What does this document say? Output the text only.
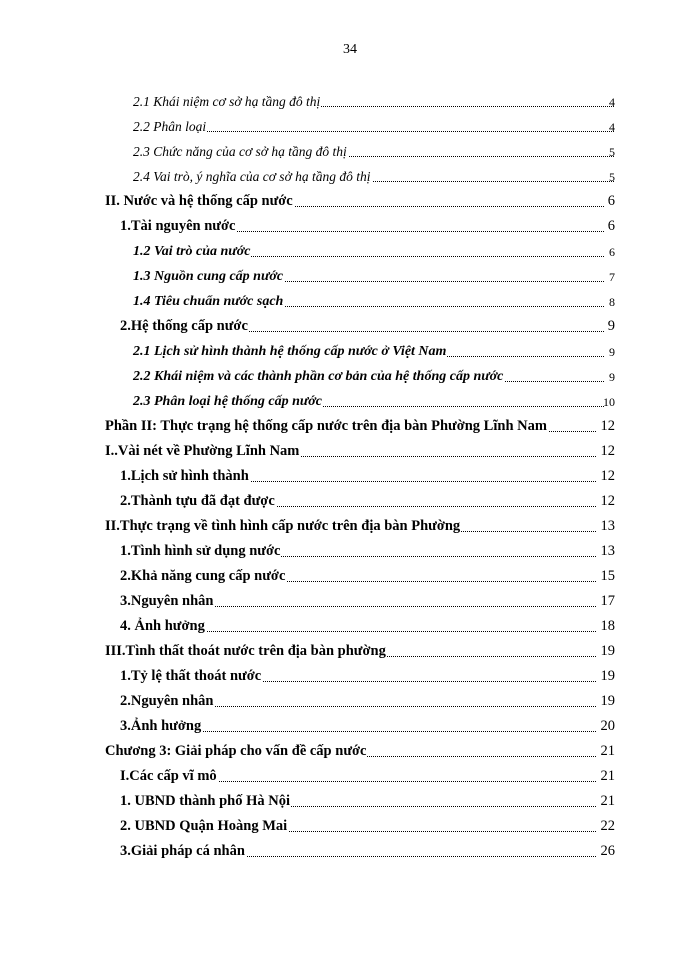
34
2.1 Khái niệm cơ sở hạ tầng đô thị	4
2.2 Phân loại	4
2.3 Chức năng của cơ sở hạ tầng đô thị	5
2.4 Vai trò, ý nghĩa của cơ sở hạ tầng đô thị	5
II. Nước và hệ thống cấp nước	6
1.Tài nguyên nước	6
1.2 Vai trò của nước	6
1.3 Nguồn cung cấp nước	7
1.4 Tiêu chuẩn nước sạch	8
2.Hệ thống cấp nước	9
2.1 Lịch sử hình thành hệ thống cấp nước ở Việt Nam	9
2.2 Khái niệm và các thành phần cơ bản của hệ thống cấp nước	9
2.3 Phân loại hệ thống cấp nước	10
Phần II: Thực trạng hệ thống cấp nước trên địa bàn Phường Lĩnh Nam	12
I..Vài nét về Phường Lĩnh Nam	12
1.Lịch sử hình thành	12
2.Thành tựu đã đạt được	12
II.Thực trạng về tình hình cấp nước trên địa bàn Phường	13
1.Tình hình sử dụng nước	13
2.Khả năng cung cấp nước	15
3.Nguyên nhân	17
4. Ảnh hưởng	18
III.Tình thất thoát nước trên địa bàn phường	19
1.Tỷ lệ thất thoát nước	19
2.Nguyên nhân	19
3.Ảnh hưởng	20
Chương 3: Giải pháp cho vấn đề cấp nước	21
I.Các cấp vĩ mô	21
1. UBND thành phố Hà Nội	21
2. UBND Quận Hoàng Mai	22
3.Giải pháp cá nhân	26
